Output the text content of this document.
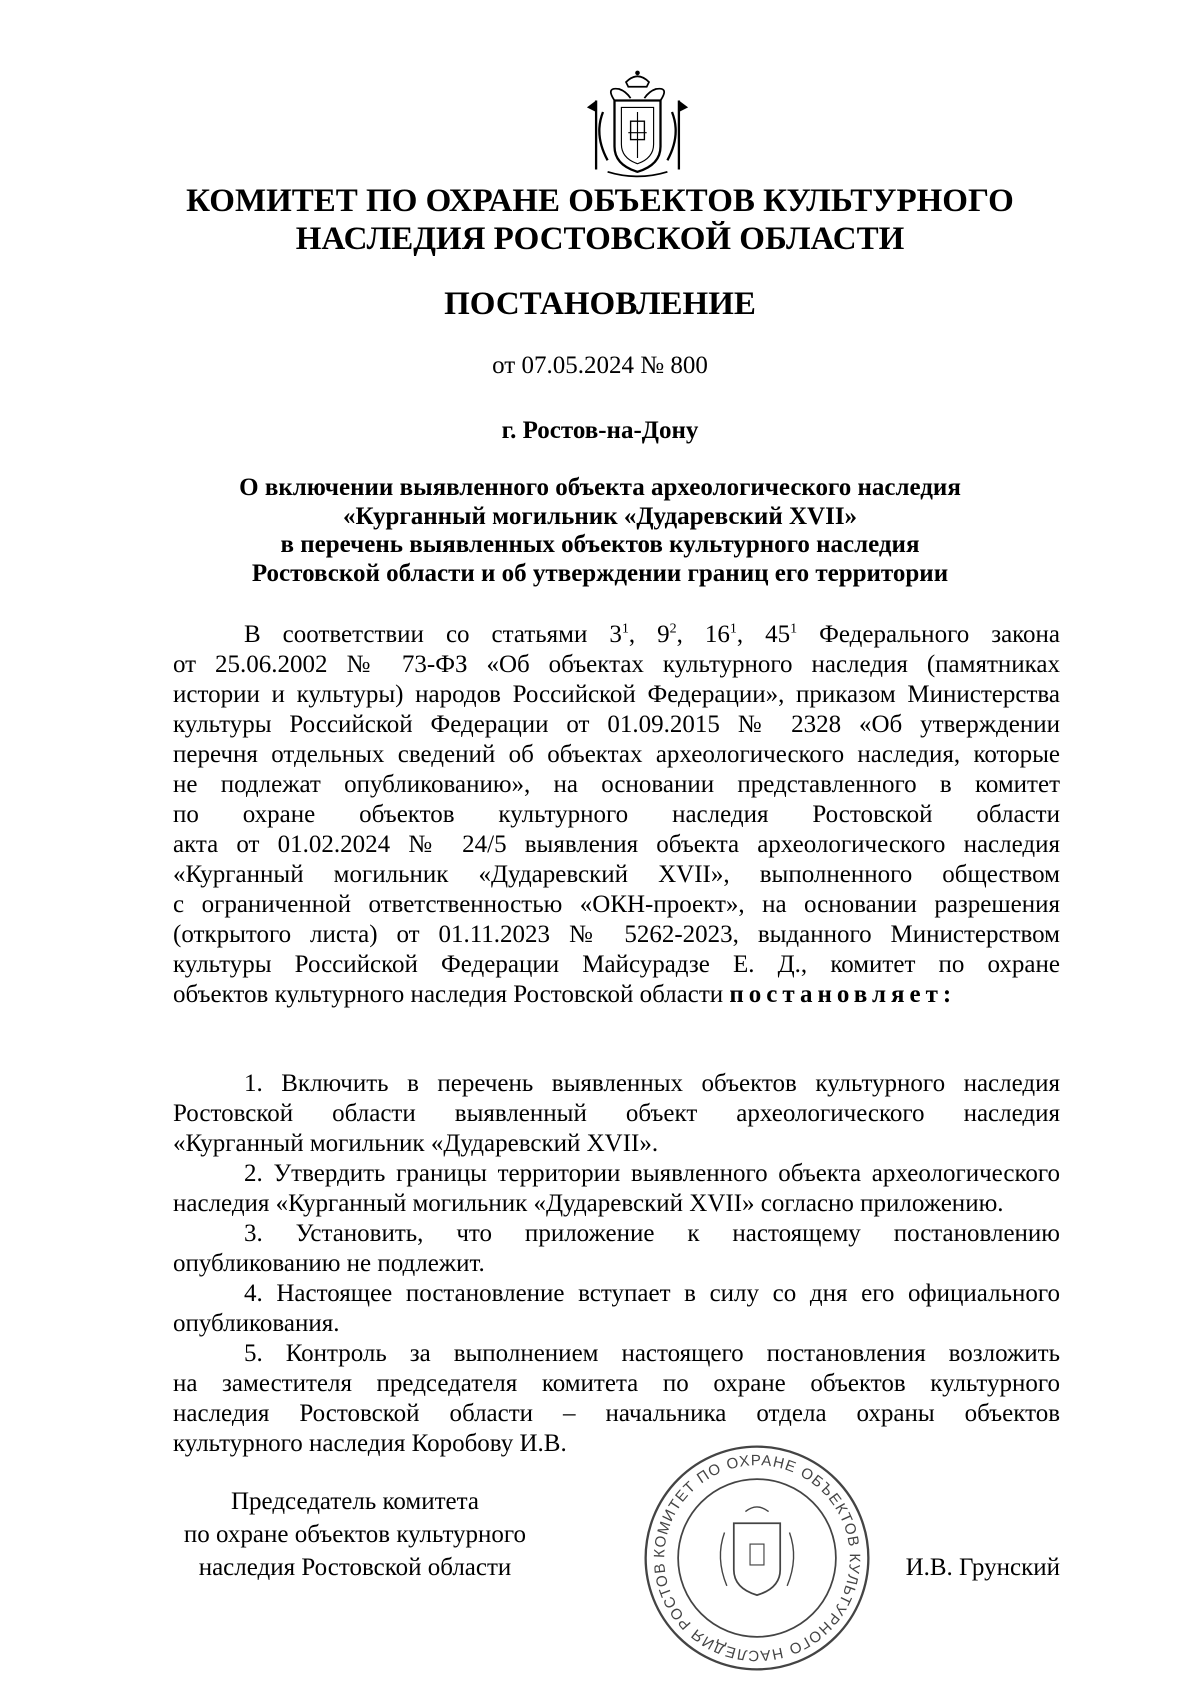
КОМИТЕТ ПО ОХРАНЕ ОБЪЕКТОВ КУЛЬТУРНОГО
НАСЛЕДИЯ РОСТОВСКОЙ ОБЛАСТИ
ПОСТАНОВЛЕНИЕ
от 07.05.2024 № 800
г. Ростов-на-Дону
О включении выявленного объекта археологического наследия
«Курганный могильник «Дударевский XVII»
в перечень выявленных объектов культурного наследия
Ростовской области и об утверждении границ его территории
В соответствии со статьями $3^1$, $9^2$, $16^1$, $45^1$ Федерального закона
от 25.06.2002 № 73-ФЗ «Об объектах культурного наследия (памятниках
истории и культуры) народов Российской Федерации», приказом Министерства
культуры Российской Федерации от 01.09.2015 № 2328 «Об утверждении
перечня отдельных сведений об объектах археологического наследия, которые
не подлежат опубликованию», на основании представленного в комитет
по охране объектов культурного наследия Ростовской области
акта от 01.02.2024 № 24/5 выявления объекта археологического наследия
«Курганный могильник «Дударевский XVII», выполненного обществом
с ограниченной ответственностью «ОКН-проект», на основании разрешения
(открытого листа) от 01.11.2023 № 5262-2023, выданного Министерством
культуры Российской Федерации Майсурадзе Е. Д., комитет по охране
объектов культурного наследия Ростовской области постановляет:
1. Включить в перечень выявленных объектов культурного наследия
Ростовской области выявленный объект археологического наследия
«Курганный могильник «Дударевский XVII».
2. Утвердить границы территории выявленного объекта археологического
наследия «Курганный могильник «Дударевский XVII» согласно приложению.
3. Установить, что приложение к настоящему постановлению
опубликованию не подлежит.
4. Настоящее постановление вступает в силу со дня его официального
опубликования.
5. Контроль за выполнением настоящего постановления возложить
на заместителя председателя комитета по охране объектов культурного
наследия Ростовской области – начальника отдела охраны объектов
культурного наследия Коробову И.В.
Председатель комитета
по охране объектов культурного
наследия Ростовской области
КОМИТЕТ ПО ОХРАНЕ ОБЪЕКТОВ КУЛЬТУРНОГО НАСЛЕДИЯ РОСТОВ	И.В. Грунский
